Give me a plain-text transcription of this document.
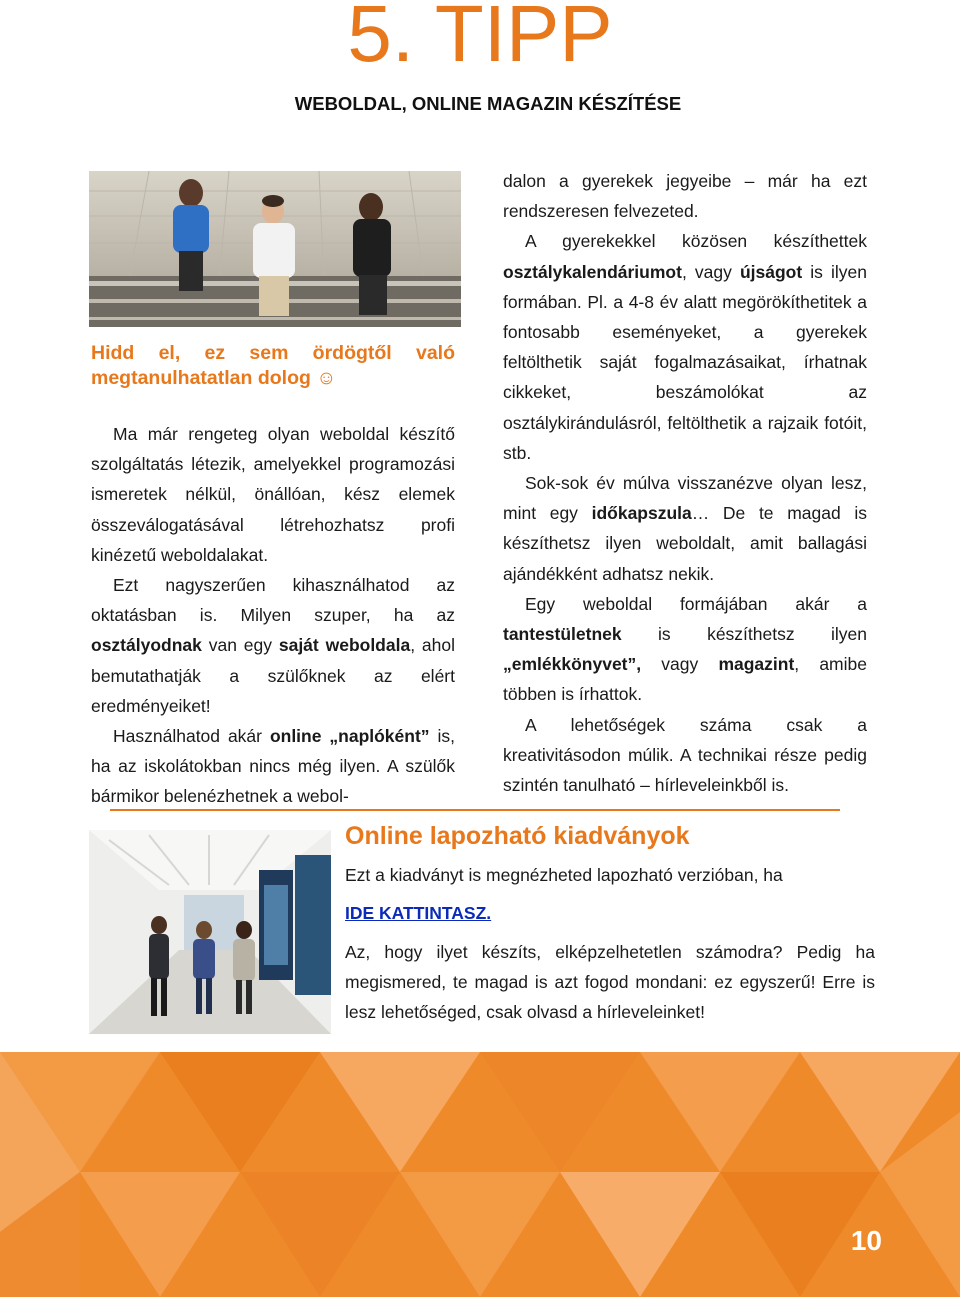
5. TIPP
WEBOLDAL, ONLINE MAGAZIN KÉSZÍTÉSE
Hidd el, ez sem ördögtől való
megtanulhatatlan dolog ☺

Ma már rengeteg olyan weboldal készítő szolgáltatás létezik, amelyekkel programozási ismeretek nélkül, önállóan, kész elemek összeválogatásával létrehozhatsz profi kinézetű weboldalakat.

Ezt nagyszerűen kihasználhatod az oktatásban is. Milyen szuper, ha az osztályodnak van egy saját weboldala, ahol bemutathatják a szülőknek az elért eredményeiket!

Használhatod akár online „naplóként” is, ha az iskolátokban nincs még ilyen. A szülők bármikor belenézhetnek a webol-

dalon a gyerekek jegyeibe – már ha ezt rendszeresen felvezeted.

A gyerekekkel közösen készíthettek osztálykalendáriumot, vagy újságot is ilyen formában. Pl. a 4-8 év alatt megörökíthetitek a fontosabb eseményeket, a gyerekek feltölthetik saját fogalmazásaikat, írhatnak cikkeket, beszámolókat az osztálykirándulásról, feltölthetik a rajzaik fotóit, stb.

Sok-sok év múlva visszanézve olyan lesz, mint egy időkapszula… De te magad is készíthetsz ilyen weboldalt, amit ballagási ajándékként adhatsz nekik.

Egy weboldal formájában akár a tantestületnek is készíthetsz ilyen „emlékkönyvet”, vagy magazint, amibe többen is írhattok.

A lehetőségek száma csak a kreativitásodon múlik. A technikai része pedig szintén tanulható – hírleveleinkből is.

Online lapozható kiadványok
Ezt a kiadványt is megnézheted lapozható verzióban, ha
IDE KATTINTASZ.

Az, hogy ilyet készíts, elképzelhetetlen számodra? Pedig ha megismered, te magad is azt fogod mondani: ez egyszerű! Erre is lesz lehetőséged, csak olvasd a hírleveleinket!

10
